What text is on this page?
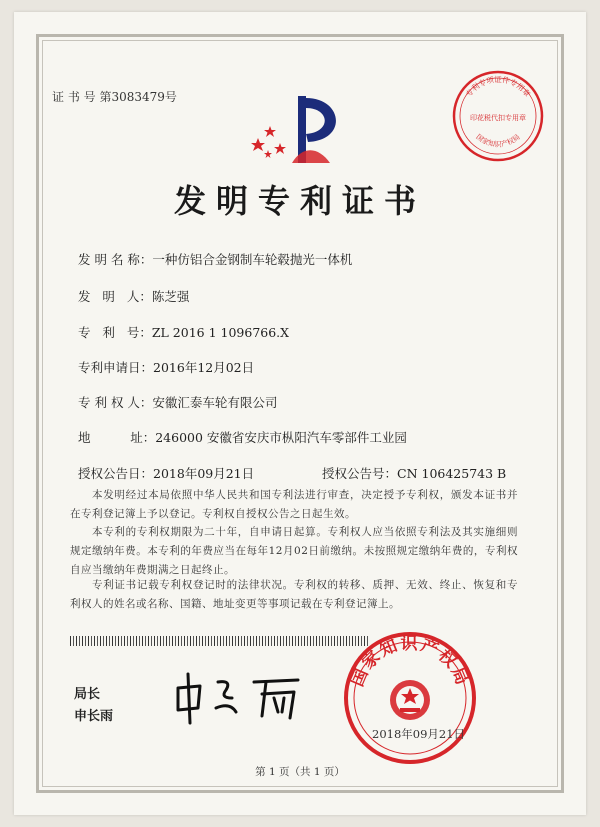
证 书 号 第3083479号	专利专项证件专用章
印花税代扣专用章
国家知识产权局
发明专利证书
发 明 名 称：一种仿铝合金钢制车轮毂抛光一体机
发   明   人：陈芝强
专   利   号：ZL 2016 1 1096766.X
专利申请日：2016年12月02日
专 利 权 人：安徽汇泰车轮有限公司
地          址：246000 安徽省安庆市枞阳汽车零部件工业园
授权公告日：2018年09月21日	授权公告号：CN 106425743 B
本发明经过本局依照中华人民共和国专利法进行审查，决定授予专利权，颁发本证书并在专利登记簿上予以登记。专利权自授权公告之日起生效。
本专利的专利权期限为二十年，自申请日起算。专利权人应当依照专利法及其实施细则规定缴纳年费。本专利的年费应当在每年12月02日前缴纳。未按照规定缴纳年费的，专利权自应当缴纳年费期满之日起终止。
专利证书记载专利权登记时的法律状况。专利权的转移、质押、无效、终止、恢复和专利权人的姓名或名称、国籍、地址变更等事项记载在专利登记簿上。
局长
申长雨
国家知识产权局
2018年09月21日
第 1 页（共 1 页）
